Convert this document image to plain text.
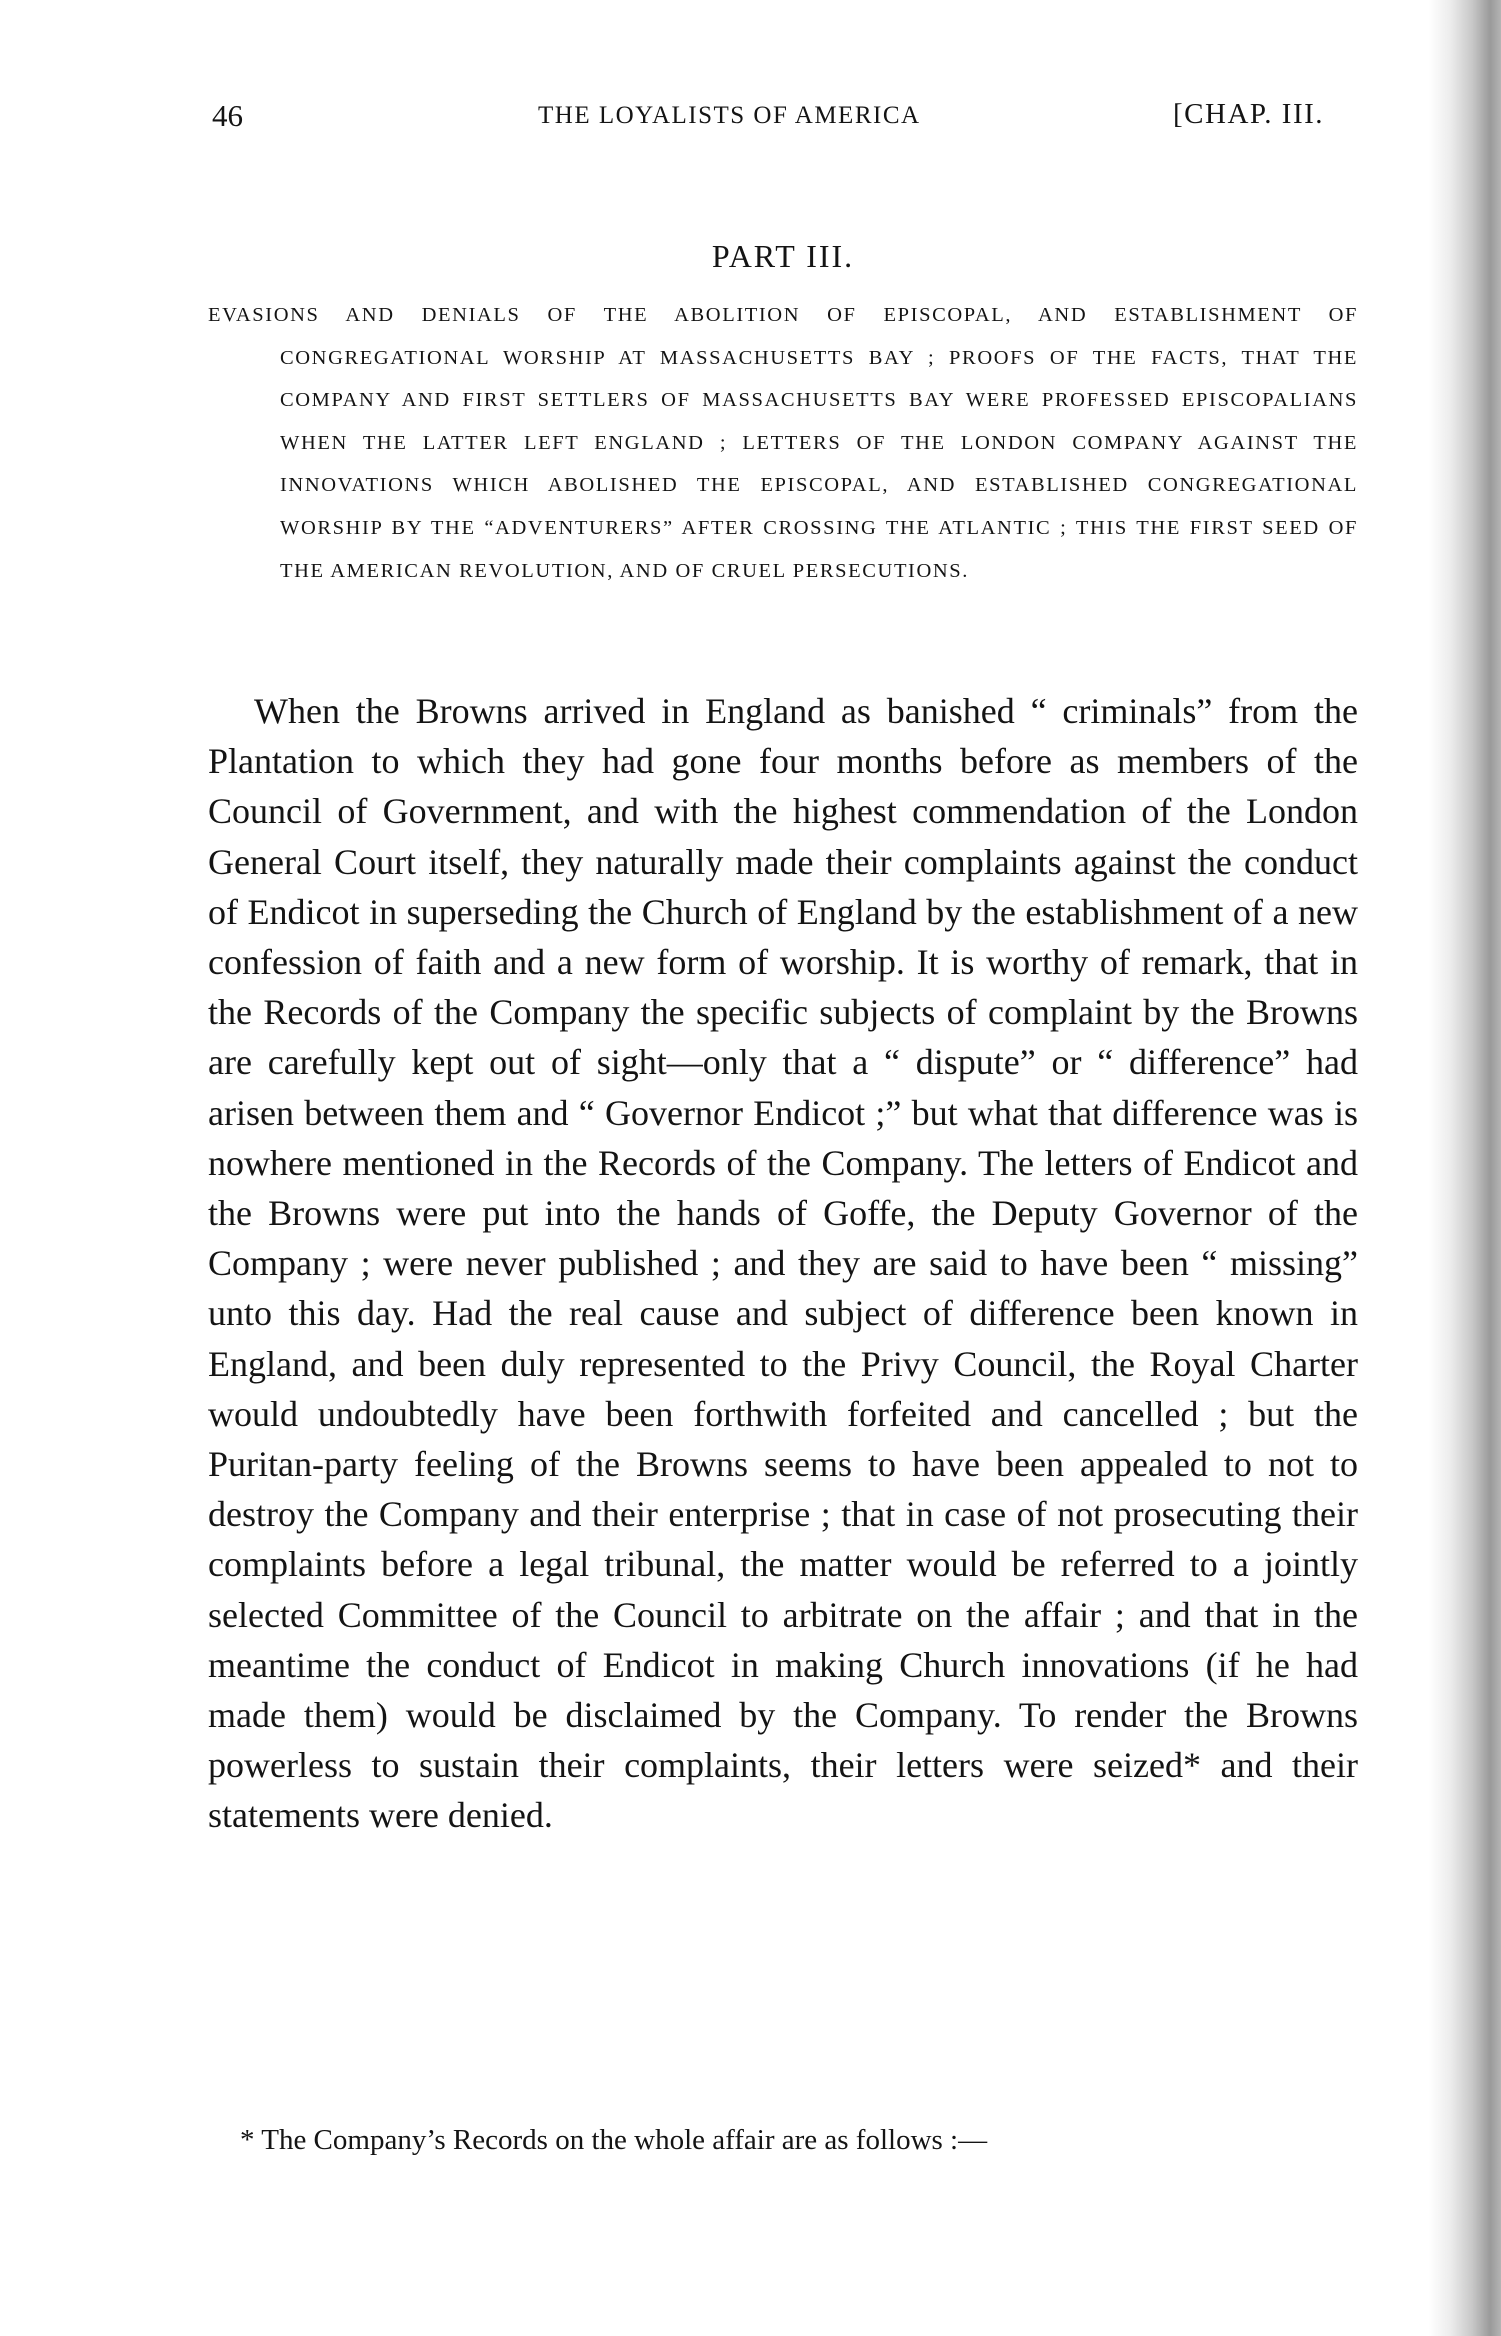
46	THE LOYALISTS OF AMERICA	[CHAP. III.
PART III.
EVASIONS AND DENIALS OF THE ABOLITION OF EPISCOPAL, AND ESTABLISHMENT OF CONGREGATIONAL WORSHIP AT MASSACHUSETTS BAY ; PROOFS OF THE FACTS, THAT THE COMPANY AND FIRST SETTLERS OF MASSACHUSETTS BAY WERE PROFESSED EPISCOPALIANS WHEN THE LATTER LEFT ENGLAND ; LETTERS OF THE LONDON COMPANY AGAINST THE INNOVATIONS WHICH ABOLISHED THE EPISCOPAL, AND ESTABLISHED CONGREGATIONAL WORSHIP BY THE “ADVENTURERS” AFTER CROSSING THE ATLANTIC ; THIS THE FIRST SEED OF THE AMERICAN REVOLUTION, AND OF CRUEL PERSECUTIONS.

When the Browns arrived in England as banished “ criminals” from the Plantation to which they had gone four months before as members of the Council of Government, and with the highest commendation of the London General Court itself, they naturally made their complaints against the conduct of Endicot in superseding the Church of England by the establishment of a new confession of faith and a new form of worship. It is worthy of remark, that in the Records of the Company the specific subjects of complaint by the Browns are carefully kept out of sight—only that a “ dispute” or “ difference” had arisen between them and “ Governor Endicot ;” but what that difference was is nowhere mentioned in the Records of the Company. The letters of Endicot and the Browns were put into the hands of Goffe, the Deputy Governor of the Company ; were never published ; and they are said to have been “ missing” unto this day. Had the real cause and subject of difference been known in England, and been duly represented to the Privy Council, the Royal Charter would undoubtedly have been forthwith forfeited and cancelled ; but the Puritan-party feeling of the Browns seems to have been appealed to not to destroy the Company and their enterprise ; that in case of not prosecuting their complaints before a legal tribunal, the matter would be referred to a jointly selected Committee of the Council to arbitrate on the affair ; and that in the meantime the conduct of Endicot in making Church innovations (if he had made them) would be disclaimed by the Company. To render the Browns powerless to sustain their complaints, their letters were seized* and their statements were denied.

* The Company’s Records on the whole affair are as follows :—
